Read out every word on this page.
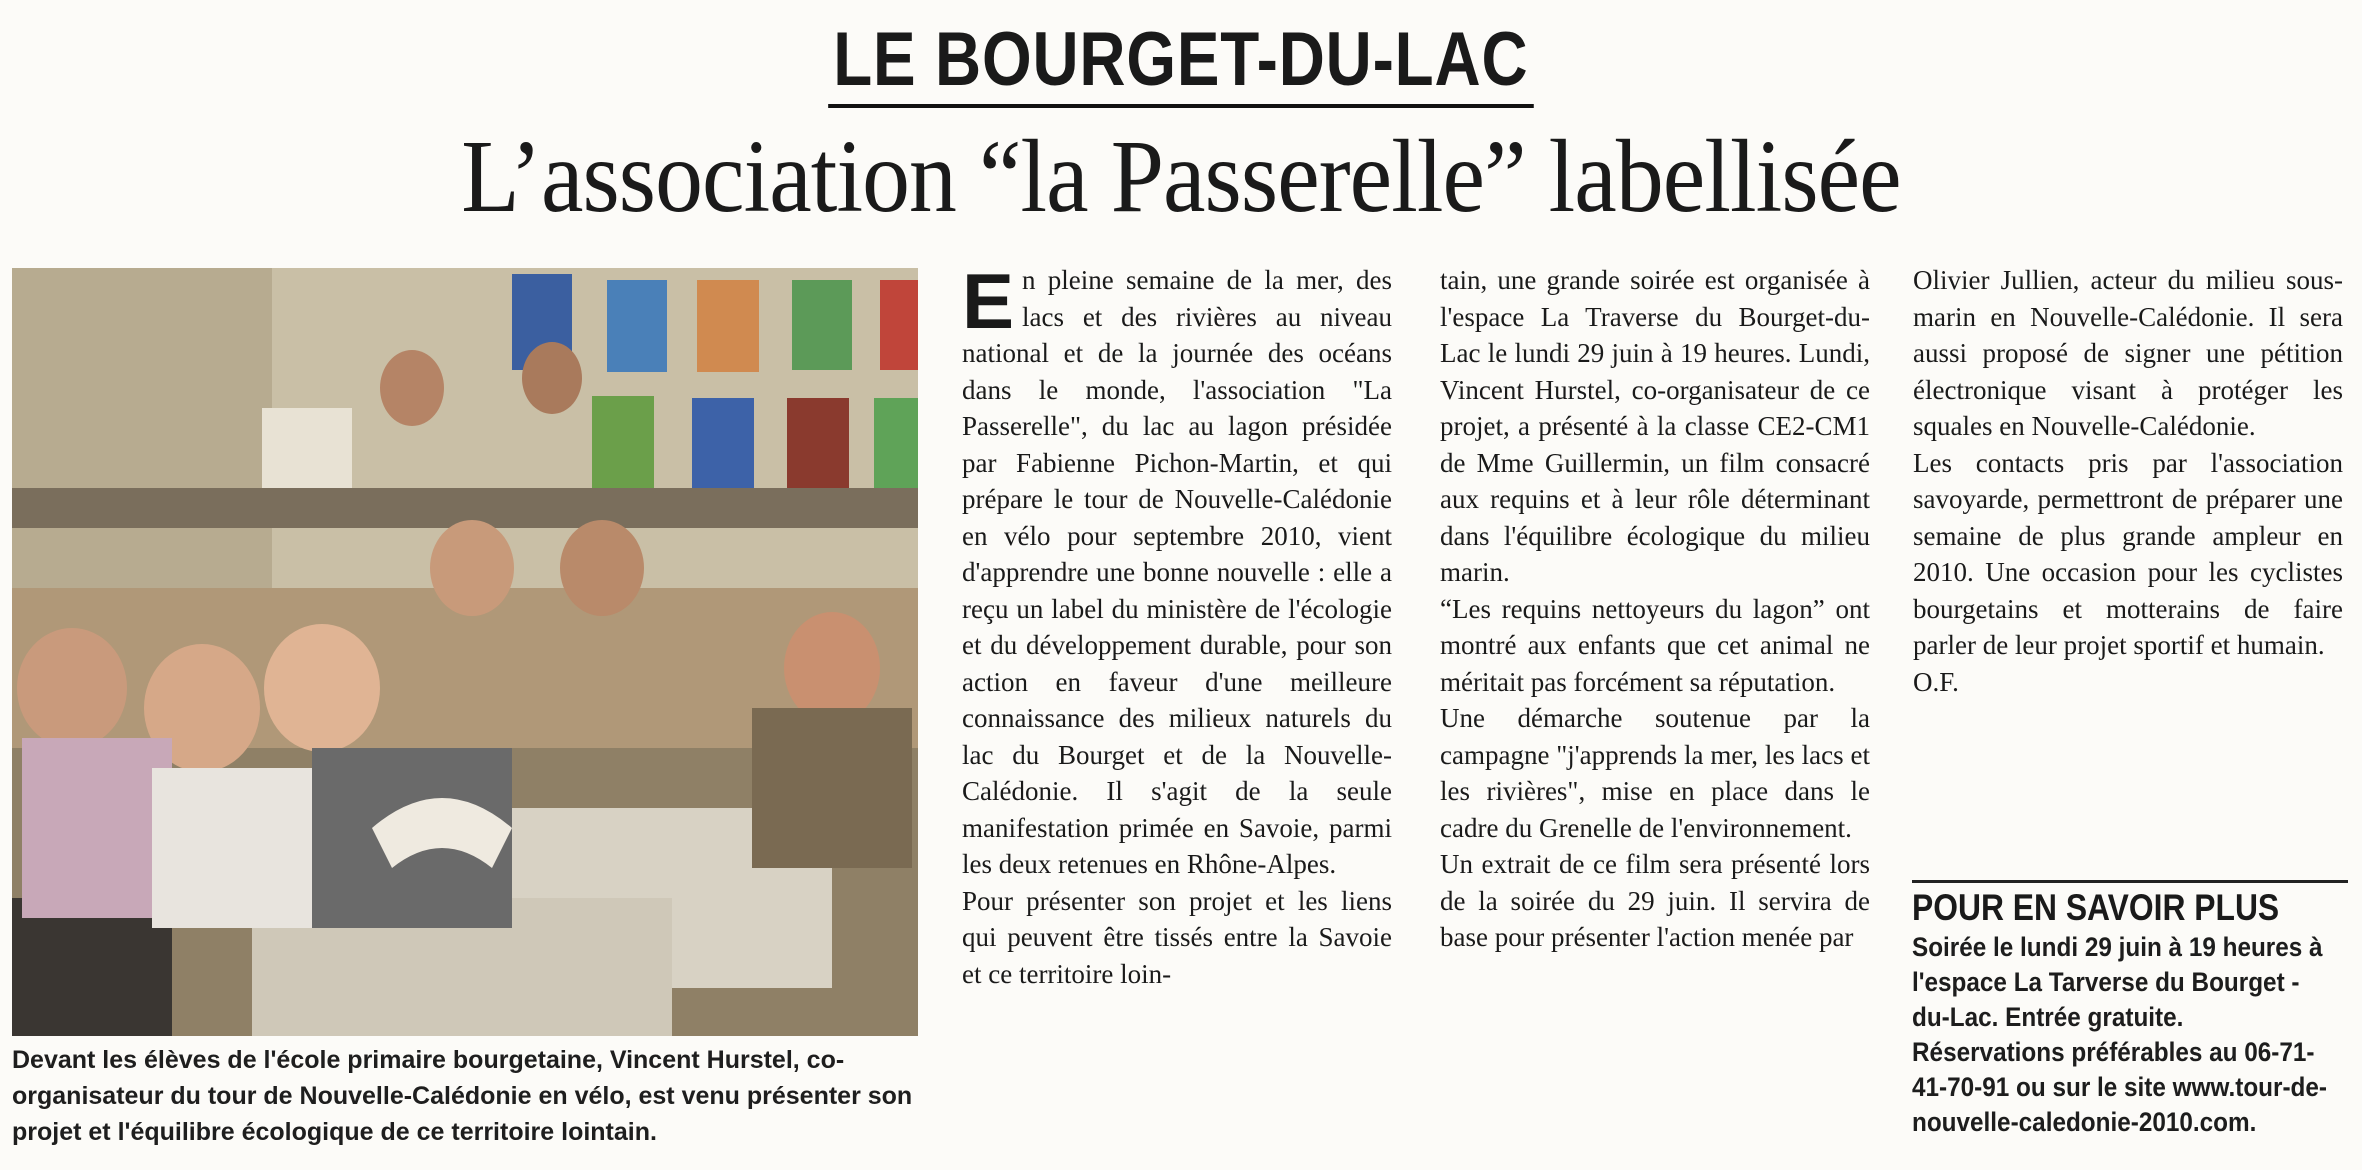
LE BOURGET-DU-LAC
L’association “la Passerelle” labellisée
Devant les élèves de l'école primaire bourgetaine, Vincent Hurstel, co-organisateur du tour de Nouvelle-Calédonie en vélo, est venu présenter son projet et l'équilibre écologique de ce territoire lointain.
E n pleine semaine de la mer, des lacs et des rivières au niveau national et de la journée des océans dans le monde, l'association "La Passerelle", du lac au lagon présidée par Fabienne Pichon-Martin, et qui prépare le tour de Nouvelle-Calédonie en vélo pour septembre 2010, vient d'apprendre une bonne nouvelle : elle a reçu un label du ministère de l'écologie et du développement durable, pour son action en faveur d'une meilleure connaissance des milieux naturels du lac du Bourget et de la Nouvelle-Calédonie. Il s'agit de la seule manifestation primée en Savoie, parmi les deux retenues en Rhône-Alpes.

Pour présenter son projet et les liens qui peuvent être tissés entre la Savoie et ce territoire loin-

tain, une grande soirée est organisée à l'espace La Traverse du Bourget-du-Lac le lundi 29 juin à 19 heures. Lundi, Vincent Hurstel, co-organisateur de ce projet, a présenté à la classe CE2-CM1 de Mme Guillermin, un film consacré aux requins et à leur rôle déterminant dans l'équilibre écologique du milieu marin.

“Les requins nettoyeurs du lagon” ont montré aux enfants que cet animal ne méritait pas forcément sa réputation.

Une démarche soutenue par la campagne "j'apprends la mer, les lacs et les rivières", mise en place dans le cadre du Grenelle de l'environnement.

Un extrait de ce film sera présenté lors de la soirée du 29 juin. Il servira de base pour présenter l'action menée par

Olivier Jullien, acteur du milieu sous-marin en Nouvelle-Calédonie. Il sera aussi proposé de signer une pétition électronique visant à protéger les squales en Nouvelle-Calédonie.

Les contacts pris par l'association savoyarde, permettront de préparer une semaine de plus grande ampleur en 2010. Une occasion pour les cyclistes bourgetains et motterains de faire parler de leur projet sportif et humain.

O.F.

POUR EN SAVOIR PLUS
Soirée le lundi 29 juin à 19 heures à l'espace La Tarverse du Bourget -du-Lac. Entrée gratuite. Réservations préférables au 06-71-41-70-91 ou sur le site www.tour-de-nouvelle-caledonie-2010.com.
